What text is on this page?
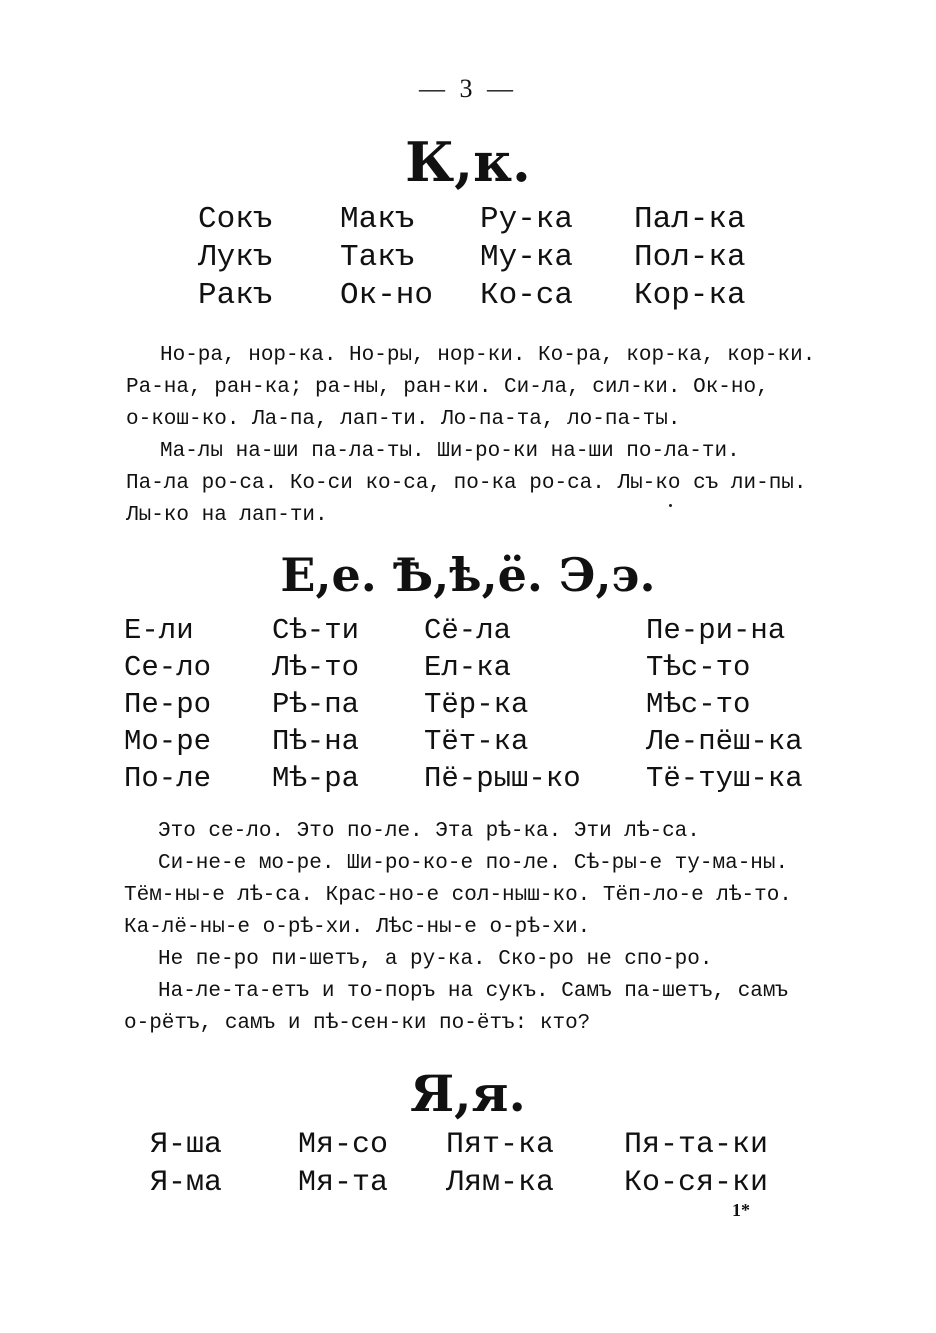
— 3 —
К,к.
Сокъ Макъ Ру-ка Пал-ка
Лукъ Такъ Му-ка Пол-ка
Ракъ Ок-но Ко-са Кор-ка
Но-ра, нор-ка. Но-ры, нор-ки. Ко-ра, кор-ка, кор-ки.
Ра-на, ран-ка; ра-ны, ран-ки. Си-ла, сил-ки. Ок-но,
о-кош-ко. Ла-па, лап-ти. Ло-па-та, ло-па-ты.
Ма-лы на-ши па-ла-ты. Ши-ро-ки на-ши по-ла-ти.
Па-ла ро-са. Ко-си ко-са, по-ка ро-са. Лы-ко съ ли-пы.
Лы-ко на лап-ти.
Е,е. Ѣ,ѣ,ё. Э,э.
Е-ли	Сѣ-ти Сё-ла	Пе-ри-на
Се-ло Лѣ-то Ел-ка	Тѣс-то
Пе-ро Рѣ-па Тёр-ка	Мѣс-то
Мо-ре Пѣ-на Тёт-ка	Ле-пёш-ка
По-ле Мѣ-ра Пё-рыш-ко Тё-туш-ка
Это се-ло. Это по-ле. Эта рѣ-ка. Эти лѣ-са.
Си-не-е мо-ре. Ши-ро-ко-е по-ле. Сѣ-ры-е ту-ма-ны.
Тём-ны-е лѣ-са. Крас-но-е сол-ныш-ко. Тёп-ло-е лѣ-то.
Ка-лё-ны-е о-рѣ-хи. Лѣс-ны-е о-рѣ-хи.
Не пе-ро пи-шетъ, а ру-ка. Ско-ро не спо-ро.
На-ле-та-етъ и то-поръ на сукъ. Самъ па-шетъ, самъ
о-рётъ, самъ и пѣ-сен-ки по-ётъ: кто?
Я,я.
Я-ша	Мя-со Пят-ка Пя-та-ки
Я-ма	Мя-та Лям-ка Ко-ся-ки
1*
